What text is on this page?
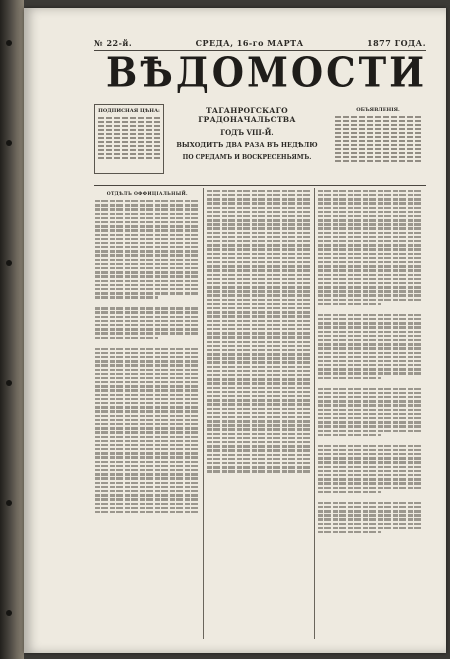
№ 22-й.	СРЕДА, 16-го МАРТА	1877 ГОДА.
ВѢДОМОСТИ
ПОДПИСНАЯ ЦѢНА:	ТАГАНРОГСКАГО ГРАДОНАЧАЛЬСТВА
ГОДЪ VIII-Й.
ВЫХОДИТЪ ДВА РАЗА ВЪ НЕДѢЛЮ
ПО СРЕДАМЪ И ВОСКРЕСЕНЬЯМЪ.
ОБЪЯВЛЕНІЯ.
ОТДѢЛЪ ОФФИЦІАЛЬНЫЙ.
